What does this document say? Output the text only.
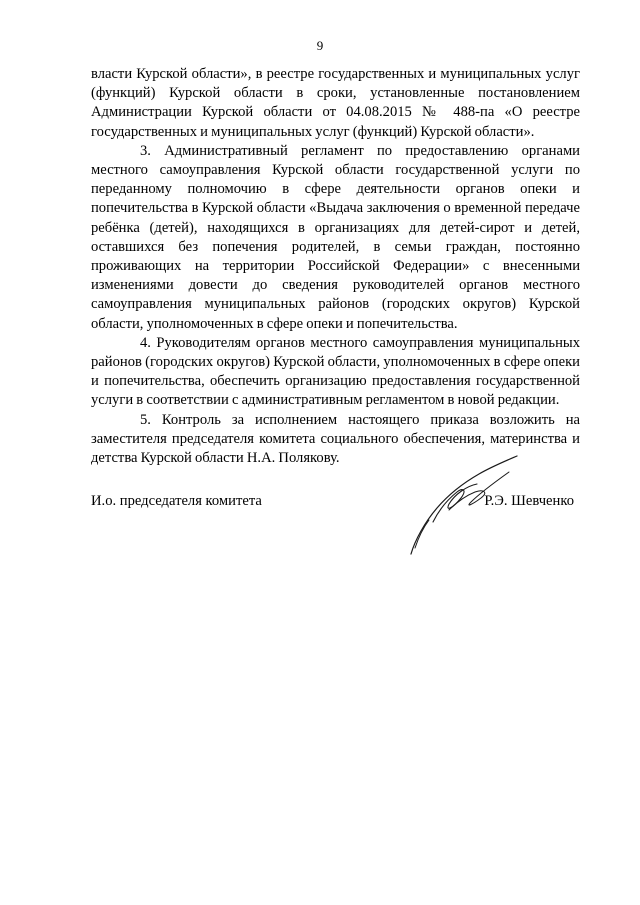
9

власти Курской области», в реестре государственных и муниципальных услуг (функций) Курской области в сроки, установленные постановлением Администрации Курской области от 04.08.2015 № 488-па «О реестре государственных и муниципальных услуг (функций) Курской области».

3. Административный регламент по предоставлению органами местного самоуправления Курской области государственной услуги по переданному полномочию в сфере деятельности органов опеки и попечительства в Курской области «Выдача заключения о временной передаче ребёнка (детей), находящихся в организациях для детей-сирот и детей, оставшихся без попечения родителей, в семьи граждан, постоянно проживающих на территории Российской Федерации» с внесенными изменениями довести до сведения руководителей органов местного самоуправления муниципальных районов (городских округов) Курской области, уполномоченных в сфере опеки и попечительства.

4. Руководителям органов местного самоуправления муниципальных районов (городских округов) Курской области, уполномоченных в сфере опеки и попечительства, обеспечить организацию предоставления государственной услуги в соответствии с административным регламентом в новой редакции.

5. Контроль за исполнением настоящего приказа возложить на заместителя председателя комитета социального обеспечения, материнства и детства Курской области Н.А. Полякову.

И.о. председателя комитета	Р.Э. Шевченко
